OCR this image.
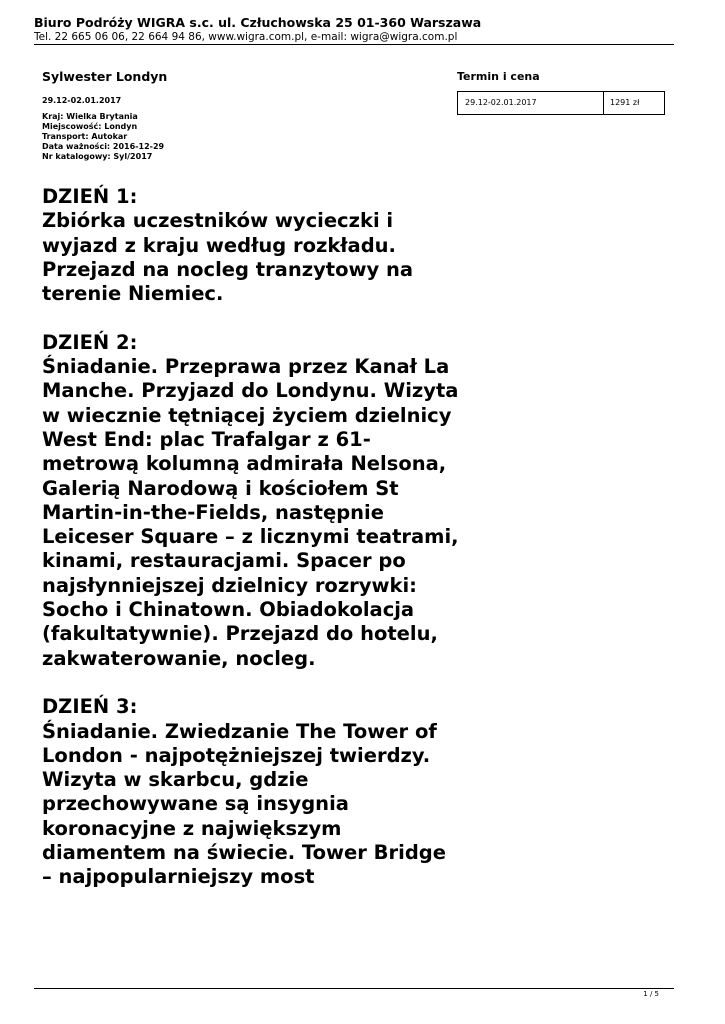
Biuro Podróży WIGRA s.c. ul. Człuchowska 25 01-360 Warszawa
Tel. 22 665 06 06, 22 664 94 86, www.wigra.com.pl, e-mail: wigra@wigra.com.pl
Sylwester Londyn
29.12-02.01.2017
Kraj: Wielka Brytania
Miejscowość: Londyn
Transport: Autokar
Data ważności: 2016-12-29
Nr katalogowy: Syl/2017
Termin i cena
29.12-02.01.2017	1291 zł
DZIEŃ 1:
Zbiórka uczestników wycieczki i wyjazd z kraju według rozkładu. Przejazd na nocleg tranzytowy na terenie Niemiec.
DZIEŃ 2:
Śniadanie. Przeprawa przez Kanał La Manche. Przyjazd do Londynu. Wizyta w wiecznie tętniącej życiem dzielnicy West End: plac Trafalgar z 61- metrową kolumną admirała Nelsona, Galerią Narodową i kościołem St Martin-in-the-Fields, następnie Leiceser Square – z licznymi teatrami, kinami, restauracjami. Spacer po najsłynniejszej dzielnicy rozrywki: Socho i Chinatown. Obiadokolacja (fakultatywnie). Przejazd do hotelu, zakwaterowanie, nocleg.
DZIEŃ 3:
Śniadanie. Zwiedzanie The Tower of London - najpotężniejszej twierdzy. Wizyta w skarbcu, gdzie przechowywane są insygnia koronacyjne z największym diamentem na świecie. Tower Bridge – najpopularniejszy most
1 / 5
